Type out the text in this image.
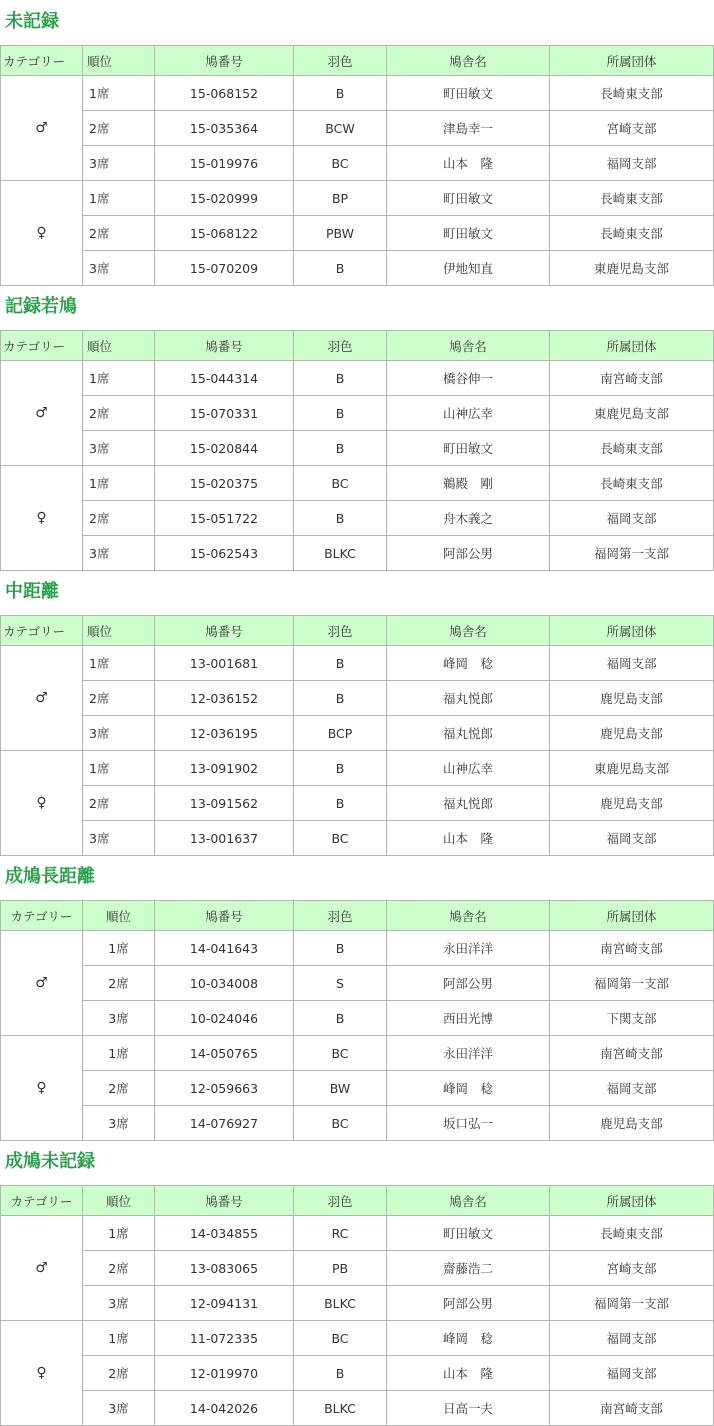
未記録
カテゴリー	順位	鳩番号	羽色	鳩舎名	所属団体
♂	1席	15-068152	B	町田敏文	長崎東支部
	2席	15-035364	BCW	津島幸一	宮崎支部
	3席	15-019976	BC	山本　隆	福岡支部
♀	1席	15-020999	BP	町田敏文	長崎東支部
	2席	15-068122	PBW	町田敏文	長崎東支部
	3席	15-070209	B	伊地知直	東鹿児島支部
記録若鳩
カテゴリー	順位	鳩番号	羽色	鳩舎名	所属団体
♂	1席	15-044314	B	橋谷伸一	南宮崎支部
	2席	15-070331	B	山神広幸	東鹿児島支部
	3席	15-020844	B	町田敏文	長崎東支部
♀	1席	15-020375	BC	鵜殿　剛	長崎東支部
	2席	15-051722	B	舟木義之	福岡支部
	3席	15-062543	BLKC	阿部公男	福岡第一支部
中距離
カテゴリー	順位	鳩番号	羽色	鳩舎名	所属団体
♂	1席	13-001681	B	峰岡　稔	福岡支部
	2席	12-036152	B	福丸悦郎	鹿児島支部
	3席	12-036195	BCP	福丸悦郎	鹿児島支部
♀	1席	13-091902	B	山神広幸	東鹿児島支部
	2席	13-091562	B	福丸悦郎	鹿児島支部
	3席	13-001637	BC	山本　隆	福岡支部
成鳩長距離
カテゴリー	順位	鳩番号	羽色	鳩舎名	所属団体
♂	1席	14-041643	B	永田洋洋	南宮崎支部
	2席	10-034008	S	阿部公男	福岡第一支部
	3席	10-024046	B	西田光博	下関支部
♀	1席	14-050765	BC	永田洋洋	南宮崎支部
	2席	12-059663	BW	峰岡　稔	福岡支部
	3席	14-076927	BC	坂口弘一	鹿児島支部
成鳩未記録
カテゴリー	順位	鳩番号	羽色	鳩舎名	所属団体
♂	1席	14-034855	RC	町田敏文	長崎東支部
	2席	13-083065	PB	齋藤浩二	宮崎支部
	3席	12-094131	BLKC	阿部公男	福岡第一支部
♀	1席	11-072335	BC	峰岡　稔	福岡支部
	2席	12-019970	B	山本　隆	福岡支部
	3席	14-042026	BLKC	日高一夫	南宮崎支部
